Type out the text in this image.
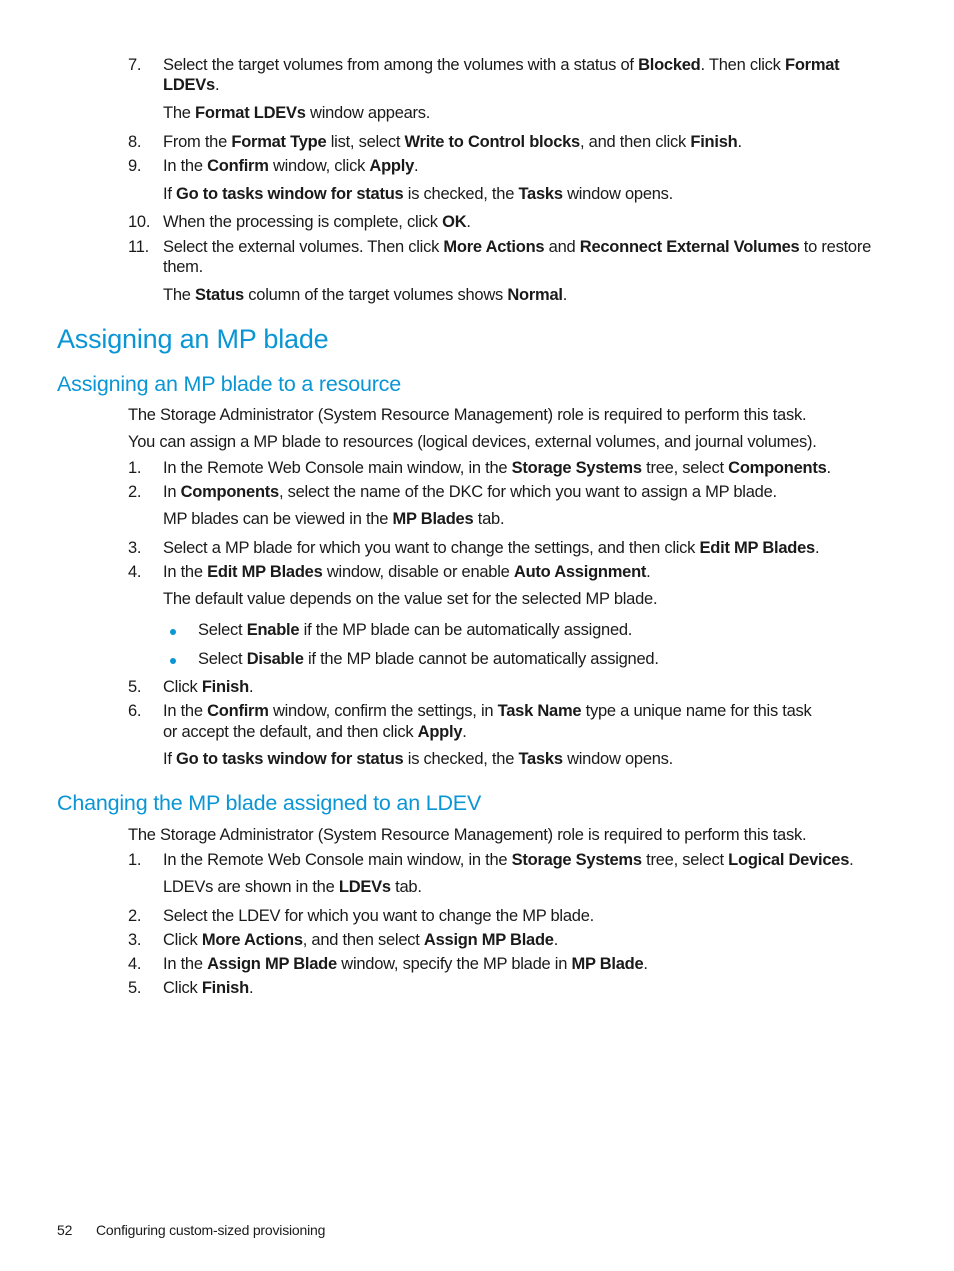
7. Select the target volumes from among the volumes with a status of Blocked. Then click Format
LDEVs.
The Format LDEVs window appears.
8. From the Format Type list, select Write to Control blocks, and then click Finish.
9. In the Confirm window, click Apply.
If Go to tasks window for status is checked, the Tasks window opens.
10. When the processing is complete, click OK.
11. Select the external volumes. Then click More Actions and Reconnect External Volumes to restore
them.
The Status column of the target volumes shows Normal.
Assigning an MP blade
Assigning an MP blade to a resource

The Storage Administrator (System Resource Management) role is required to perform this task.

You can assign a MP blade to resources (logical devices, external volumes, and journal volumes).

1. In the Remote Web Console main window, in the Storage Systems tree, select Components.
2. In Components, select the name of the DKC for which you want to assign a MP blade.
MP blades can be viewed in the MP Blades tab.
3. Select a MP blade for which you want to change the settings, and then click Edit MP Blades.
4. In the Edit MP Blades window, disable or enable Auto Assignment.
The default value depends on the value set for the selected MP blade.
Select Enable if the MP blade can be automatically assigned.
Select Disable if the MP blade cannot be automatically assigned.
5. Click Finish.
6. In the Confirm window, confirm the settings, in Task Name type a unique name for this task
or accept the default, and then click Apply.
If Go to tasks window for status is checked, the Tasks window opens.
Changing the MP blade assigned to an LDEV

The Storage Administrator (System Resource Management) role is required to perform this task.

1. In the Remote Web Console main window, in the Storage Systems tree, select Logical Devices.
LDEVs are shown in the LDEVs tab.
2. Select the LDEV for which you want to change the MP blade.
3. Click More Actions, and then select Assign MP Blade.
4. In the Assign MP Blade window, specify the MP blade in MP Blade.
5. Click Finish.
52 Configuring custom-sized provisioning
